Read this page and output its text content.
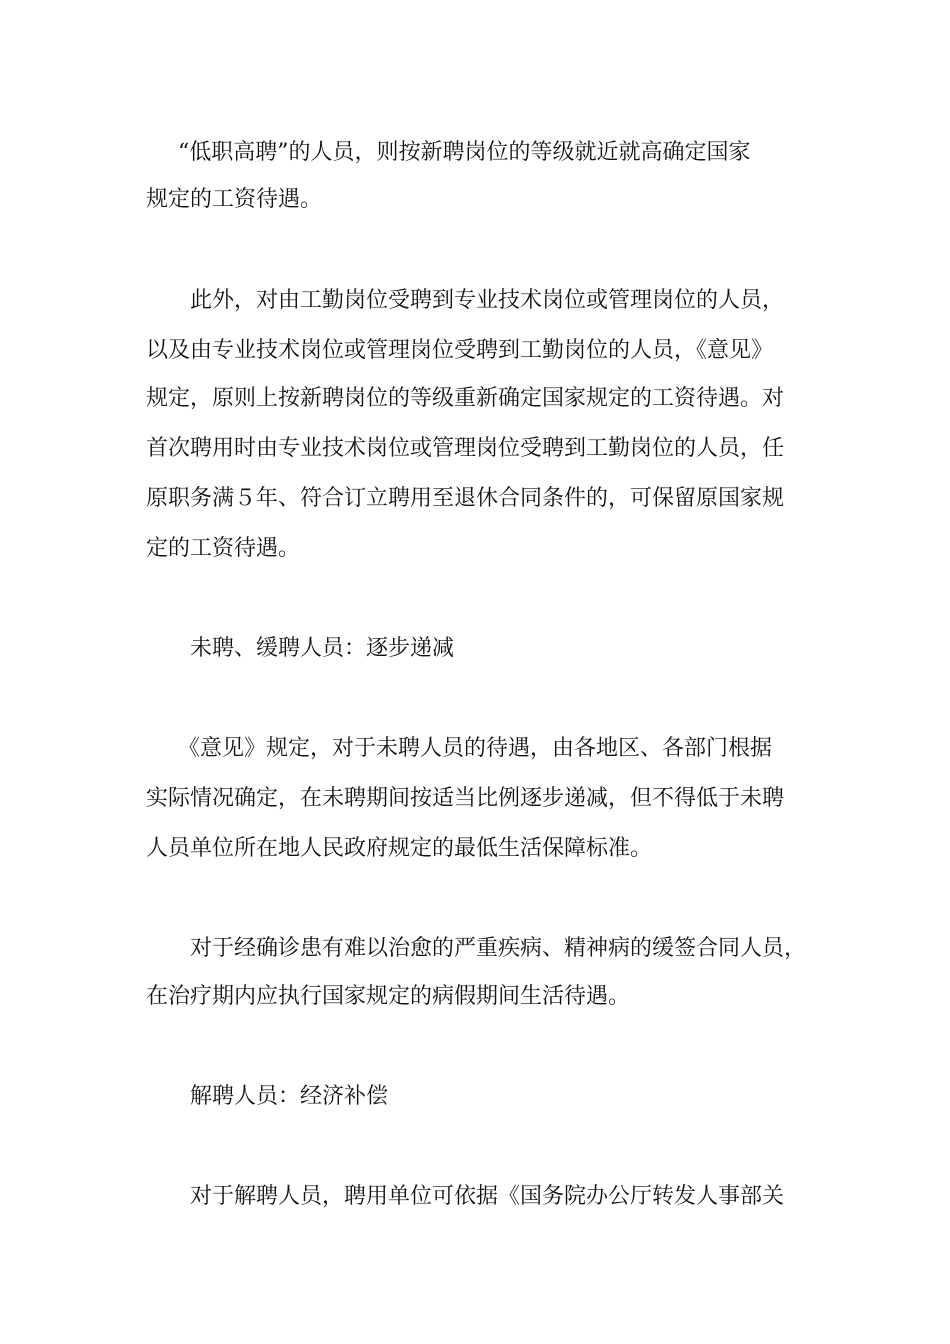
“低职高聘”的人员，则按新聘岗位的等级就近就高确定国家
规定的工资待遇。
此外，对由工勤岗位受聘到专业技术岗位或管理岗位的人员，
以及由专业技术岗位或管理岗位受聘到工勤岗位的人员，《意见》
规定，原则上按新聘岗位的等级重新确定国家规定的工资待遇。对
首次聘用时由专业技术岗位或管理岗位受聘到工勤岗位的人员，任
原职务满５年、符合订立聘用至退休合同条件的，可保留原国家规
定的工资待遇。
未聘、缓聘人员：逐步递减
《意见》规定，对于未聘人员的待遇，由各地区、各部门根据
实际情况确定，在未聘期间按适当比例逐步递减，但不得低于未聘
人员单位所在地人民政府规定的最低生活保障标准。
对于经确诊患有难以治愈的严重疾病、精神病的缓签合同人员，
在治疗期内应执行国家规定的病假期间生活待遇。
解聘人员：经济补偿
对于解聘人员，聘用单位可依据《国务院办公厅转发人事部关
